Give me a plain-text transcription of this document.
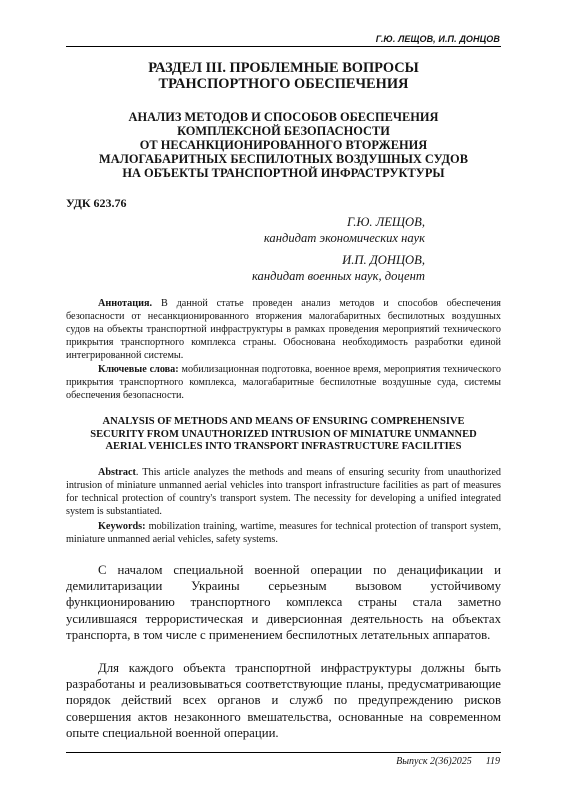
Г.Ю. ЛЕЩОВ, И.П. ДОНЦОВ
РАЗДЕЛ III. ПРОБЛЕМНЫЕ ВОПРОСЫ
ТРАНСПОРТНОГО ОБЕСПЕЧЕНИЯ
АНАЛИЗ МЕТОДОВ И СПОСОБОВ ОБЕСПЕЧЕНИЯ
КОМПЛЕКСНОЙ БЕЗОПАСНОСТИ
ОТ НЕСАНКЦИОНИРОВАННОГО ВТОРЖЕНИЯ
МАЛОГАБАРИТНЫХ БЕСПИЛОТНЫХ ВОЗДУШНЫХ СУДОВ
НА ОБЪЕКТЫ ТРАНСПОРТНОЙ ИНФРАСТРУКТУРЫ
УДК 623.76
Г.Ю. ЛЕЩОВ,
кандидат экономических наук
И.П. ДОНЦОВ,
кандидат военных наук, доцент

Аннотация. В данной статье проведен анализ методов и способов обеспечения безопасности от несанкционированного вторжения малогабаритных беспилотных воздушных судов на объекты транспортной инфраструктуры в рамках проведения мероприятий технического прикрытия транспортного комплекса страны. Обоснована необходимость разработки единой интегрированной системы.

Ключевые слова: мобилизационная подготовка, военное время, мероприятия технического прикрытия транспортного комплекса, малогабаритные беспилотные воздушные суда, системы обеспечения безопасности.

ANALYSIS OF METHODS AND MEANS OF ENSURING COMPREHENSIVE
SECURITY FROM UNAUTHORIZED INTRUSION OF MINIATURE UNMANNED
AERIAL VEHICLES INTO TRANSPORT INFRASTRUCTURE FACILITIES

Abstract. This article analyzes the methods and means of ensuring security from unauthorized intrusion of miniature unmanned aerial vehicles into transport infrastructure facilities as part of measures for technical protection of country's transport system. The necessity for developing a unified integrated system is substantiated.

Keywords: mobilization training, wartime, measures for technical protection of transport system, miniature unmanned aerial vehicles, safety systems.

С началом специальной военной операции по денацификации и демилитаризации Украины серьезным вызовом устойчивому функционированию транспортного комплекса страны стала заметно усилившаяся террористическая и диверсионная деятельность на объектах транспорта, в том числе с применением беспилотных летательных аппаратов.

Для каждого объекта транспортной инфраструктуры должны быть разработаны и реализовываться соответствующие планы, предусматривающие порядок действий всех органов и служб по предупреждению рисков совершения актов незаконного вмешательства, основанные на современном опыте специальной военной операции.

Выпуск 2(36)2025 119
